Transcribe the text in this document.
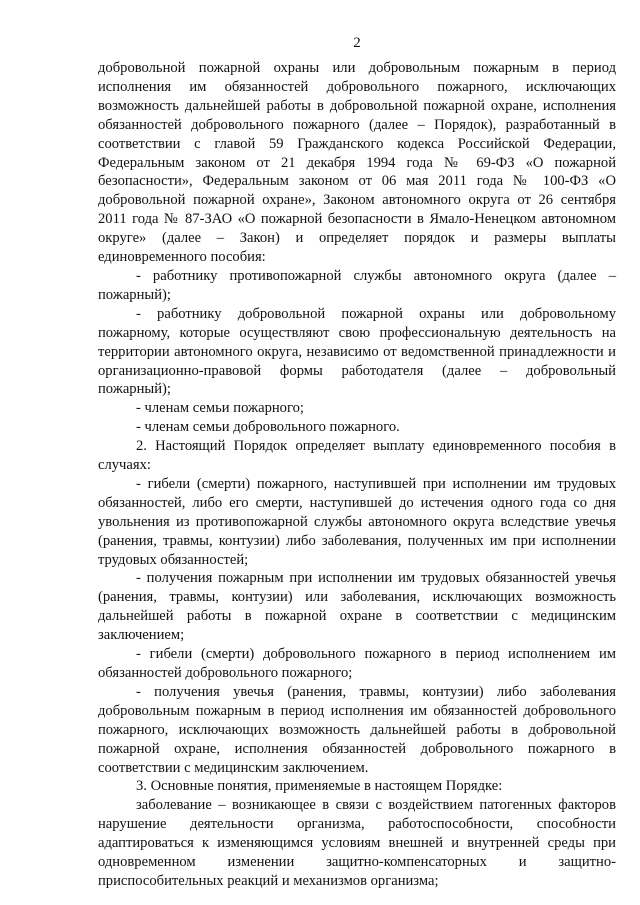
2

добровольной пожарной охраны или добровольным пожарным в период исполнения им обязанностей добровольного пожарного, исключающих возможность дальнейшей работы в добровольной пожарной охране, исполнения обязанностей добровольного пожарного (далее – Порядок), разработанный в соответствии с главой 59 Гражданского кодекса Российской Федерации, Федеральным законом от 21 декабря 1994 года № 69-ФЗ «О пожарной безопасности», Федеральным законом от 06 мая 2011 года № 100-ФЗ «О добровольной пожарной охране», Законом автономного округа от 26 сентября 2011 года № 87-ЗАО «О пожарной безопасности в Ямало-Ненецком автономном округе» (далее – Закон) и определяет порядок и размеры выплаты единовременного пособия:

- работнику противопожарной службы автономного округа (далее – пожарный);

- работнику добровольной пожарной охраны или добровольному пожарному, которые осуществляют свою профессиональную деятельность на территории автономного округа, независимо от ведомственной принадлежности и организационно-правовой формы работодателя (далее – добровольный пожарный);

- членам семьи пожарного;

- членам семьи добровольного пожарного.

2. Настоящий Порядок определяет выплату единовременного пособия в случаях:

- гибели (смерти) пожарного, наступившей при исполнении им трудовых обязанностей, либо его смерти, наступившей до истечения одного года со дня увольнения из противопожарной службы автономного округа вследствие увечья (ранения, травмы, контузии) либо заболевания, полученных им при исполнении трудовых обязанностей;

- получения пожарным при исполнении им трудовых обязанностей увечья (ранения, травмы, контузии) или заболевания, исключающих возможность дальнейшей работы в пожарной охране в соответствии с медицинским заключением;

- гибели (смерти) добровольного пожарного в период исполнением им обязанностей добровольного пожарного;

- получения увечья (ранения, травмы, контузии) либо заболевания добровольным пожарным в период исполнения им обязанностей добровольного пожарного, исключающих возможность дальнейшей работы в добровольной пожарной охране, исполнения обязанностей добровольного пожарного в соответствии с медицинским заключением.

3. Основные понятия, применяемые в настоящем Порядке:

заболевание – возникающее в связи с воздействием патогенных факторов нарушение деятельности организма, работоспособности, способности адаптироваться к изменяющимся условиям внешней и внутренней среды при одновременном изменении защитно-компенсаторных и защитно-приспособительных реакций и механизмов организма;
